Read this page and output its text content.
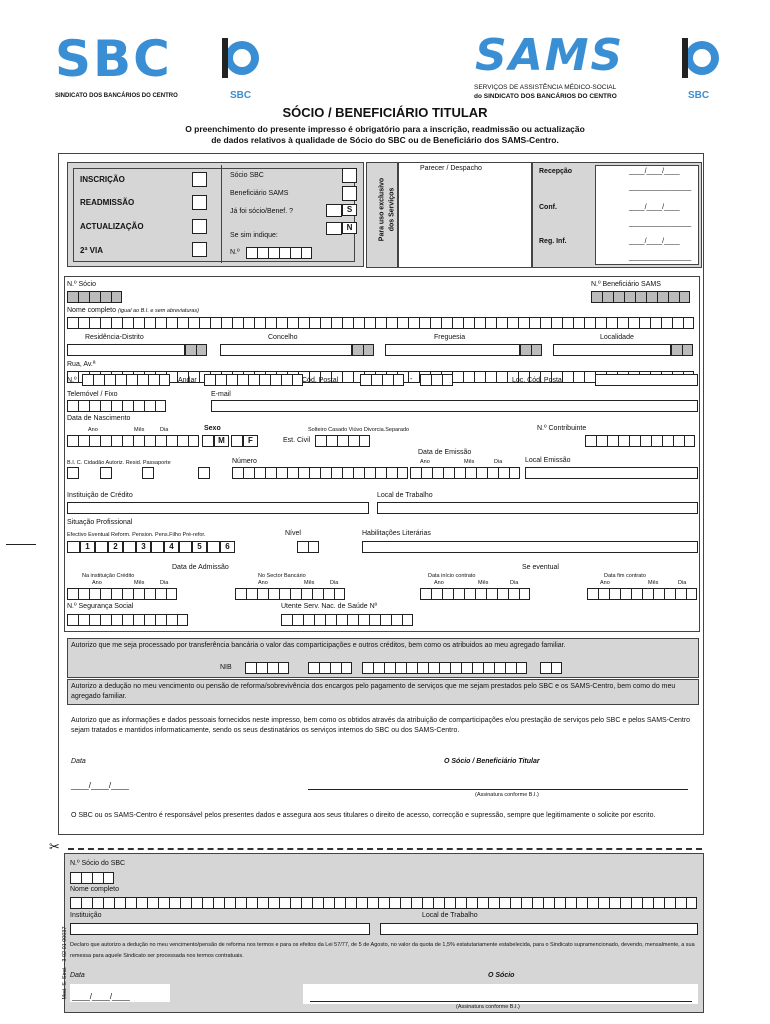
SBC
SBC
SINDICATO DOS BANCÁRIOS DO CENTRO
SAMS
SERVIÇOS DE ASSISTÊNCIA MÉDICO-SOCIAL
do SINDICATO DOS BANCÁRIOS DO CENTRO	SBC
SÓCIO / BENEFICIÁRIO TITULAR
O preenchimento do presente impresso é obrigatório para a inscrição, readmissão ou actualização
de dados relativos à qualidade de Sócio do SBC ou de Beneficiário dos SAMS-Centro.
INSCRIÇÃO
READMISSÃO
ACTUALIZAÇÃO
2ª VIA
Sócio SBC
Beneficiário SAMS
Já foi sócio/Benef. ?	S
Se sim indique:
N
N.º
Para uso exclusivo dos Serviços
Parecer / Despacho	Recepção	____/____/____
________________
Conf.	____/____/____
________________
Reg. Inf.	____/____/____
________________
N.º Sócio	N.º Beneficiário SAMS
Nome completo (igual ao B.I. e sem abreviaturas)
Residência-Distrito	Concelho	Freguesia	Localidade
Rua, Av.ª
N.º	Andar	Cód. Postal	-	Loc. Cód. Postal
Telemóvel / Fixo	E-mail
Data de Nascimento
Ano	Mês	Dia	Sexo
M	F
Solteiro Casado Viúvo Divorcia.Separado
Est. Civil
N.º Contribuinte
Data de Emissão
Ano	Mês	Dia	Local Emissão
B.I. C. Cidadão Autoriz. Resid. Passaporte	Número
Instituição de Crédito	Local de Trabalho
Situação Profissional
Efectivo Eventual Reform. Pension. Pens.Filho Pré-refor.
1	2	3	4	5	6
Nível	Habilitações Literárias
Data de Admissão	Se eventual
Na instituição Crédito
Ano	Mês	Dia
No Sector Bancário
Ano	Mês	Dia
Data início contrato
Ano	Mês	Dia
Data fim contrato
Ano	Mês	Dia
N.º Segurança Social	Utente Serv. Nac. de Saúde Nº
Autorizo que me seja processado por transferência bancária o valor das comparticipações e outros créditos, bem como os atribuidos ao meu agregado familiar.
NIB
Autorizo a dedução no meu vencimento ou pensão de reforma/sobrevivência dos encargos pelo pagamento de serviços que me sejam prestados pelo SBC e os SAMS-Centro, bem como do meu agregado familiar.
Autorizo que as informações e dados pessoais fornecidos neste impresso, bem como os obtidos através da atribuição de comparticipações e/ou prestação de serviços pelo SBC e pelos SAMS-Centro sejam tratados e mantidos informaticamente, sendo os seus destinatários os serviços internos do SBC ou dos SAMS-Centro.
Data	O Sócio / Beneficiário Titular
____/____/____
(Assinatura conforme B.I.)
O SBC ou os SAMS-Centro é responsável pelos presentes dados e assegura aos seus titulares o direito de acesso, correcção e supressão, sempre que legitimamente o solicite por escrito.
✂
N.º Sócio do SBC
Nome completo
Instituição	Local de Trabalho
Declaro que autorizo a dedução no meu vencimento/pensão de reforma nos termos e para os efeitos da Lei 57/77, de 5 de Agosto, no valor da quota de 1,5% estatutariamente estabelecida, para o Sindicato supramencionado, devendo, mensalmente, a sua remessa para aquele Sindicato ser processada nos termos contratuais.
Data	O Sócio
____/____/____
(Assinatura conforme B.I.)
Mod. S. Sind. - 3 02 01 00037
